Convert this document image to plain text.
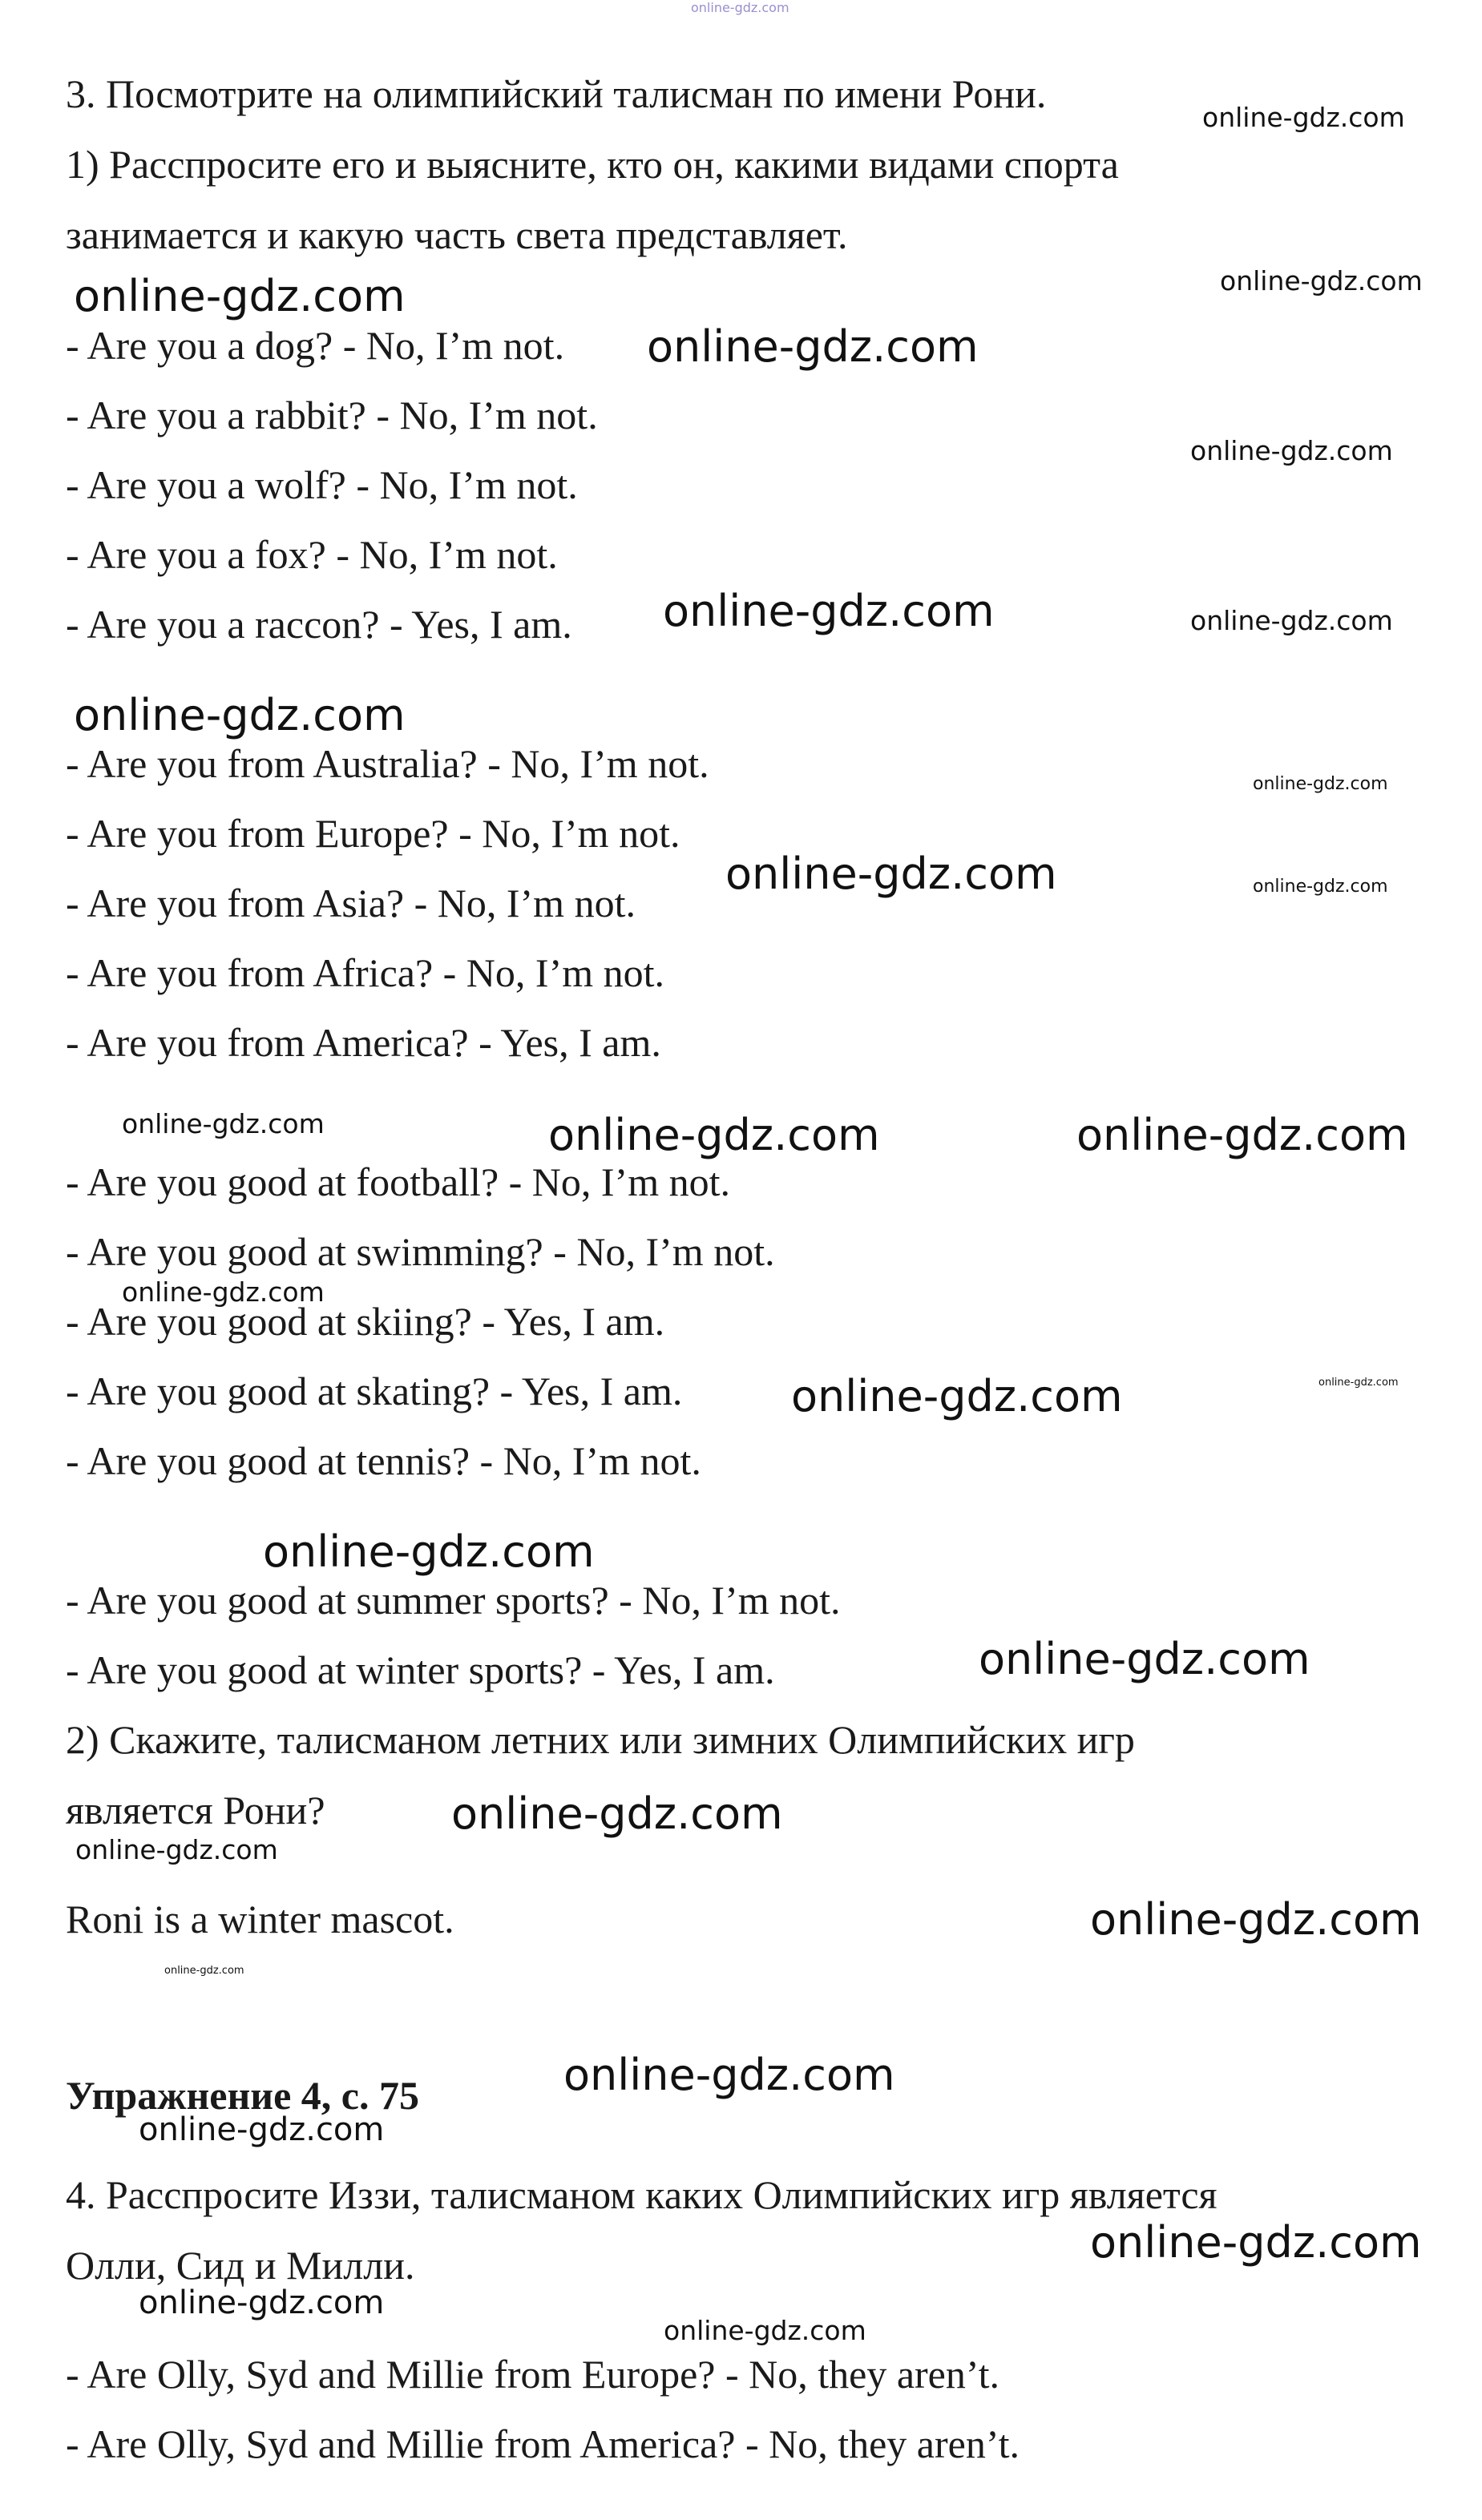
3. Посмотрите на олимпийский талисман по имени Рони.
1) Расспросите его и выясните, кто он, какими видами спорта
занимается и какую часть света представляет.
- Are you a dog? - No, I’m not.
- Are you a rabbit? - No, I’m not.
- Are you a wolf? - No, I’m not.
- Are you a fox? - No, I’m not.
- Are you a raccon? - Yes, I am.
- Are you from Australia? - No, I’m not.
- Are you from Europe? - No, I’m not.
- Are you from Asia? - No, I’m not.
- Are you from Africa? - No, I’m not.
- Are you from America? - Yes, I am.
- Are you good at football? - No, I’m not.
- Are you good at swimming? - No, I’m not.
- Are you good at skiing? - Yes, I am.
- Are you good at skating? - Yes, I am.
- Are you good at tennis? - No, I’m not.
- Are you good at summer sports? - No, I’m not.
- Are you good at winter sports? - Yes, I am.
2) Скажите, талисманом летних или зимних Олимпийских игр
является Рони?
Roni is a winter mascot.
Упражнение 4, с. 75
4. Расспросите Иззи, талисманом каких Олимпийских игр является
Олли, Сид и Милли.
- Are Olly, Syd and Millie from Europe? - No, they aren’t.
- Are Olly, Syd and Millie from America? - No, they aren’t.
online-gdz.com
online-gdz.com
online-gdz.com	online-gdz.com
online-gdz.com
online-gdz.com
online-gdz.com	online-gdz.com
online-gdz.com
online-gdz.com
online-gdz.com	online-gdz.com
online-gdz.com	online-gdz.com	online-gdz.com
online-gdz.com
online-gdz.com	online-gdz.com
online-gdz.com
online-gdz.com
online-gdz.com
online-gdz.com
online-gdz.com
online-gdz.com
online-gdz.com
online-gdz.com
online-gdz.com
online-gdz.com
online-gdz.com
